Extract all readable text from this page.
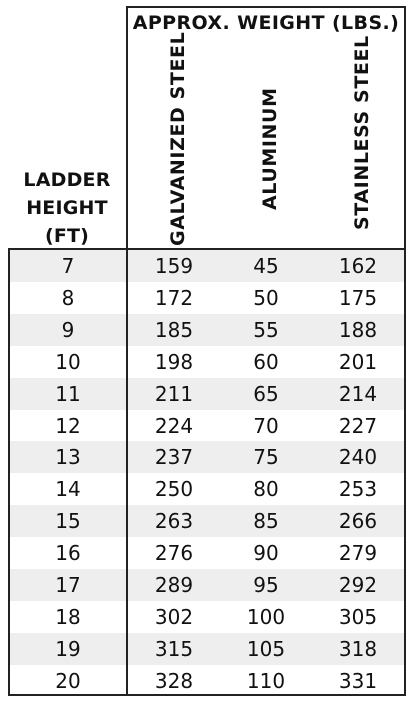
LADDER
HEIGHT
(FT)
APPROX. WEIGHT (LBS.)
GALVANIZED STEEL	ALUMINUM	STAINLESS STEEL
20	328	110	331
19	315	105	318
18	302	100	305
17	289	95	292
16	276	90	279
15	263	85	266
14	250	80	253
13	237	75	240
12	224	70	227
11	211	65	214
10	198	60	201
9	185	55	188
8	172	50	175
7	159	45	162
